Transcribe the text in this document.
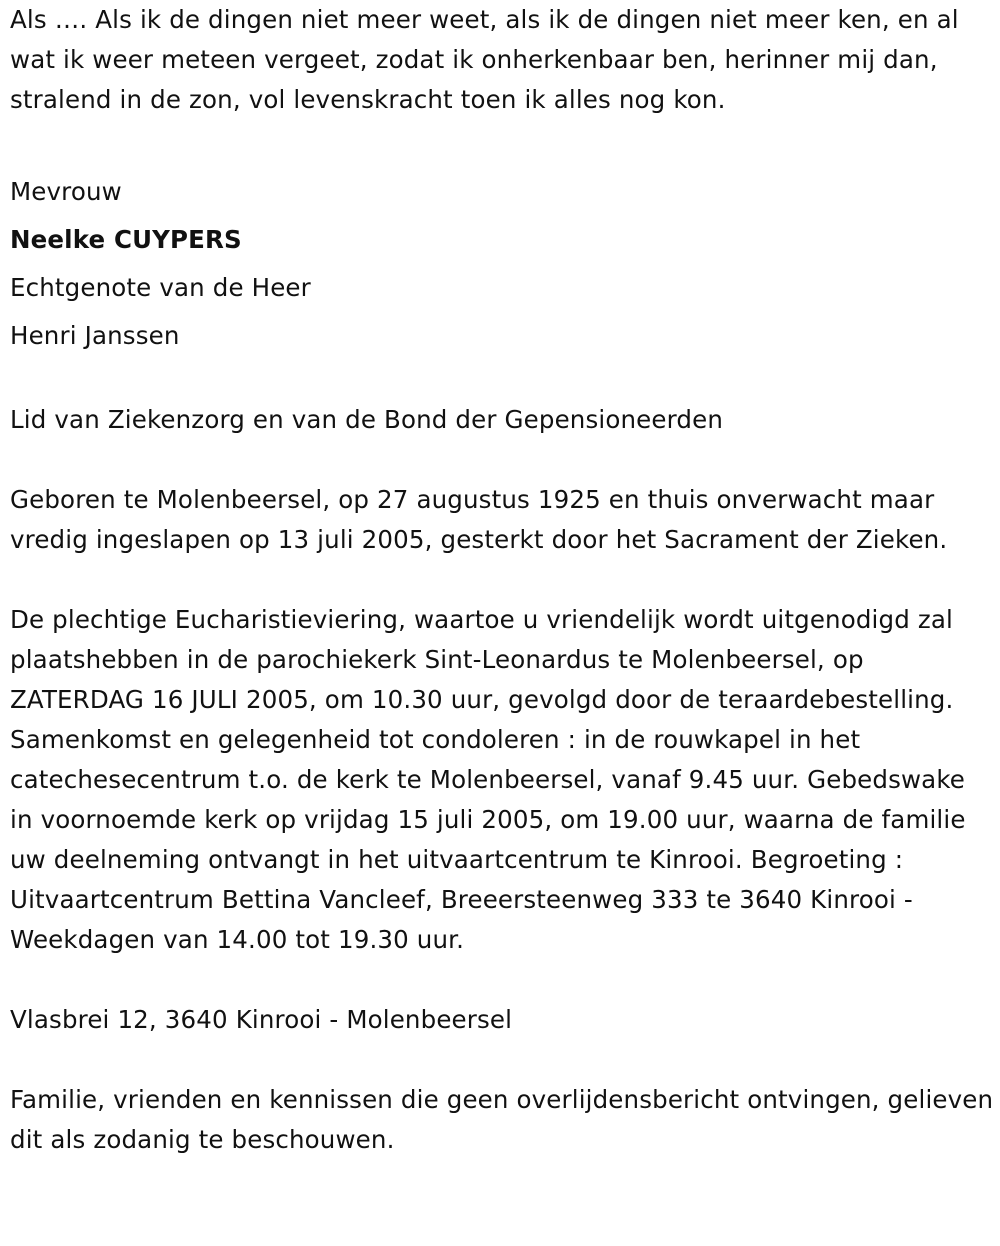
Als …. Als ik de dingen niet meer weet, als ik de dingen niet meer ken, en al wat ik weer meteen vergeet, zodat ik onherkenbaar ben, herinner mij dan, stralend in de zon, vol levenskracht toen ik alles nog kon.

Mevrouw

Neelke CUYPERS

Echtgenote van de Heer

Henri Janssen

Lid van Ziekenzorg en van de Bond der Gepensioneerden

Geboren te Molenbeersel, op 27 augustus 1925 en thuis onverwacht maar vredig ingeslapen op 13 juli 2005, gesterkt door het Sacrament der Zieken.

De plechtige Eucharistieviering, waartoe u vriendelijk wordt uitgenodigd zal plaatshebben in de parochiekerk Sint-Leonardus te Molenbeersel, op ZATERDAG 16 JULI 2005, om 10.30 uur, gevolgd door de teraardebestelling. Samenkomst en gelegenheid tot condoleren : in de rouwkapel in het catechesecentrum t.o. de kerk te Molenbeersel, vanaf 9.45 uur. Gebedswake in voornoemde kerk op vrijdag 15 juli 2005, om 19.00 uur, waarna de familie uw deelneming ontvangt in het uitvaartcentrum te Kinrooi. Begroeting : Uitvaartcentrum Bettina Vancleef, Breeersteenweg 333 te 3640 Kinrooi -Weekdagen van 14.00 tot 19.30 uur.

Vlasbrei 12, 3640 Kinrooi - Molenbeersel

Familie, vrienden en kennissen die geen overlijdensbericht ontvingen, gelieven dit als zodanig te beschouwen.
